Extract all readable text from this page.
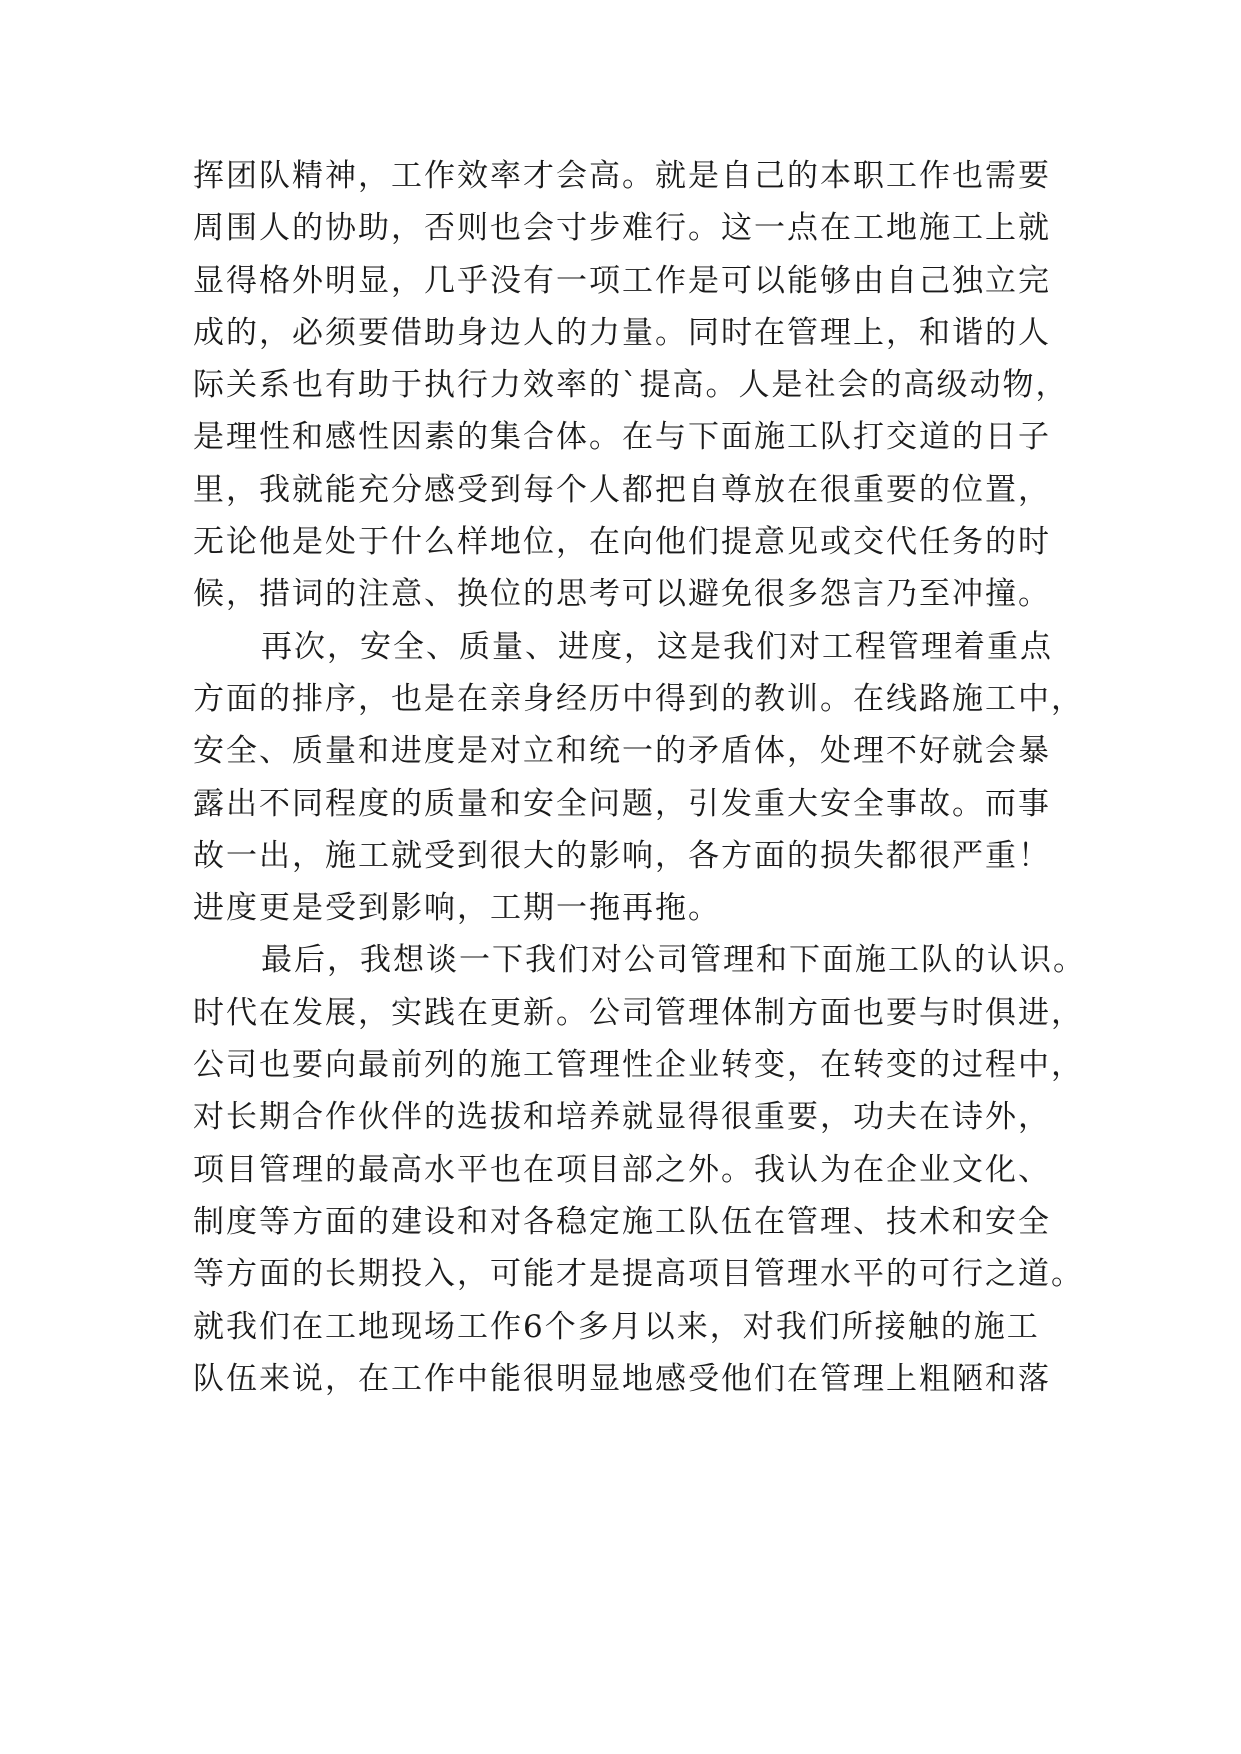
挥团队精神，工作效率才会高。就是自己的本职工作也需要
周围人的协助，否则也会寸步难行。这一点在工地施工上就
显得格外明显，几乎没有一项工作是可以能够由自己独立完
成的，必须要借助身边人的力量。同时在管理上，和谐的人
际关系也有助于执行力效率的`提高。人是社会的高级动物，
是理性和感性因素的集合体。在与下面施工队打交道的日子
里，我就能充分感受到每个人都把自尊放在很重要的位置，
无论他是处于什么样地位，在向他们提意见或交代任务的时
候，措词的注意、换位的思考可以避免很多怨言乃至冲撞。
再次，安全、质量、进度，这是我们对工程管理着重点
方面的排序，也是在亲身经历中得到的教训。在线路施工中，
安全、质量和进度是对立和统一的矛盾体，处理不好就会暴
露出不同程度的质量和安全问题，引发重大安全事故。而事
故一出，施工就受到很大的影响，各方面的损失都很严重！
进度更是受到影响，工期一拖再拖。
最后，我想谈一下我们对公司管理和下面施工队的认识。
时代在发展，实践在更新。公司管理体制方面也要与时俱进，
公司也要向最前列的施工管理性企业转变，在转变的过程中，
对长期合作伙伴的选拔和培养就显得很重要，功夫在诗外，
项目管理的最高水平也在项目部之外。我认为在企业文化、
制度等方面的建设和对各稳定施工队伍在管理、技术和安全
等方面的长期投入，可能才是提高项目管理水平的可行之道。
就我们在工地现场工作6个多月以来，对我们所接触的施工
队伍来说，在工作中能很明显地感受他们在管理上粗陋和落
